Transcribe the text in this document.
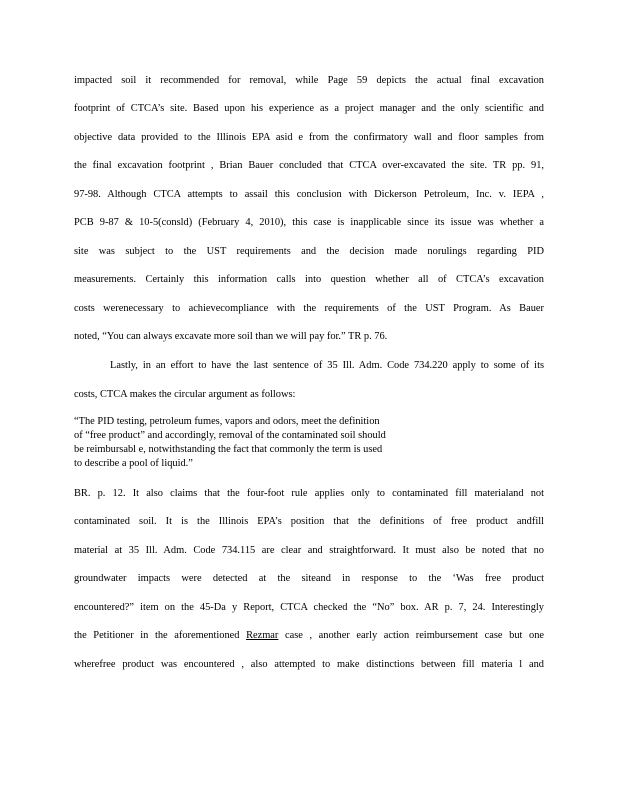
impacted soil it recommended for removal, while Page 59 depicts the actual final excavation
footprint of CTCA’s site. Based upon his experience as a project manager and the only scientific and
objective data provided to the Illinois EPA asid e from the confirmatory wall and floor samples from
the final excavation footprint , Brian Bauer concluded that CTCA over-excavated the site. TR pp. 91,
97-98. Although CTCA attempts to assail this conclusion with Dickerson Petroleum, Inc. v. IEPA ,
PCB 9-87 & 10-5(consld) (February 4, 2010), this case is inapplicable since its issue was whether a
site was subject to the UST requirements and the decision made norulings regarding PID
measurements. Certainly this information calls into question whether all of CTCA’s excavation
costs werenecessary to achievecompliance with the requirements of the UST Program. As Bauer
noted, “You can always excavate more soil than we will pay for.” TR p. 76.
Lastly, in an effort to have the last sentence of 35 Ill. Adm. Code 734.220 apply to some of its
costs, CTCA makes the circular argument as follows:
“The PID testing, petroleum fumes, vapors and odors, meet the definition
of “free product” and accordingly, removal of the contaminated soil should
be reimbursabl e, notwithstanding the fact that commonly the term is used
to describe a pool of liquid.”
BR. p. 12. It also claims that the four-foot rule applies only to contaminated fill materialand not
contaminated soil. It is the Illinois EPA’s position that the definitions of free product andfill
material at 35 Ill. Adm. Code 734.115 are clear and straightforward. It must also be noted that no
groundwater impacts were detected at the siteand in response to the ‘Was free product
encountered?” item on the 45-Da y Report, CTCA checked the “No” box. AR p. 7, 24. Interestingly
the Petitioner in the aforementioned Rezmar case , another early action reimbursement case but one
wherefree product was encountered , also attempted to make distinctions between fill materia l and
